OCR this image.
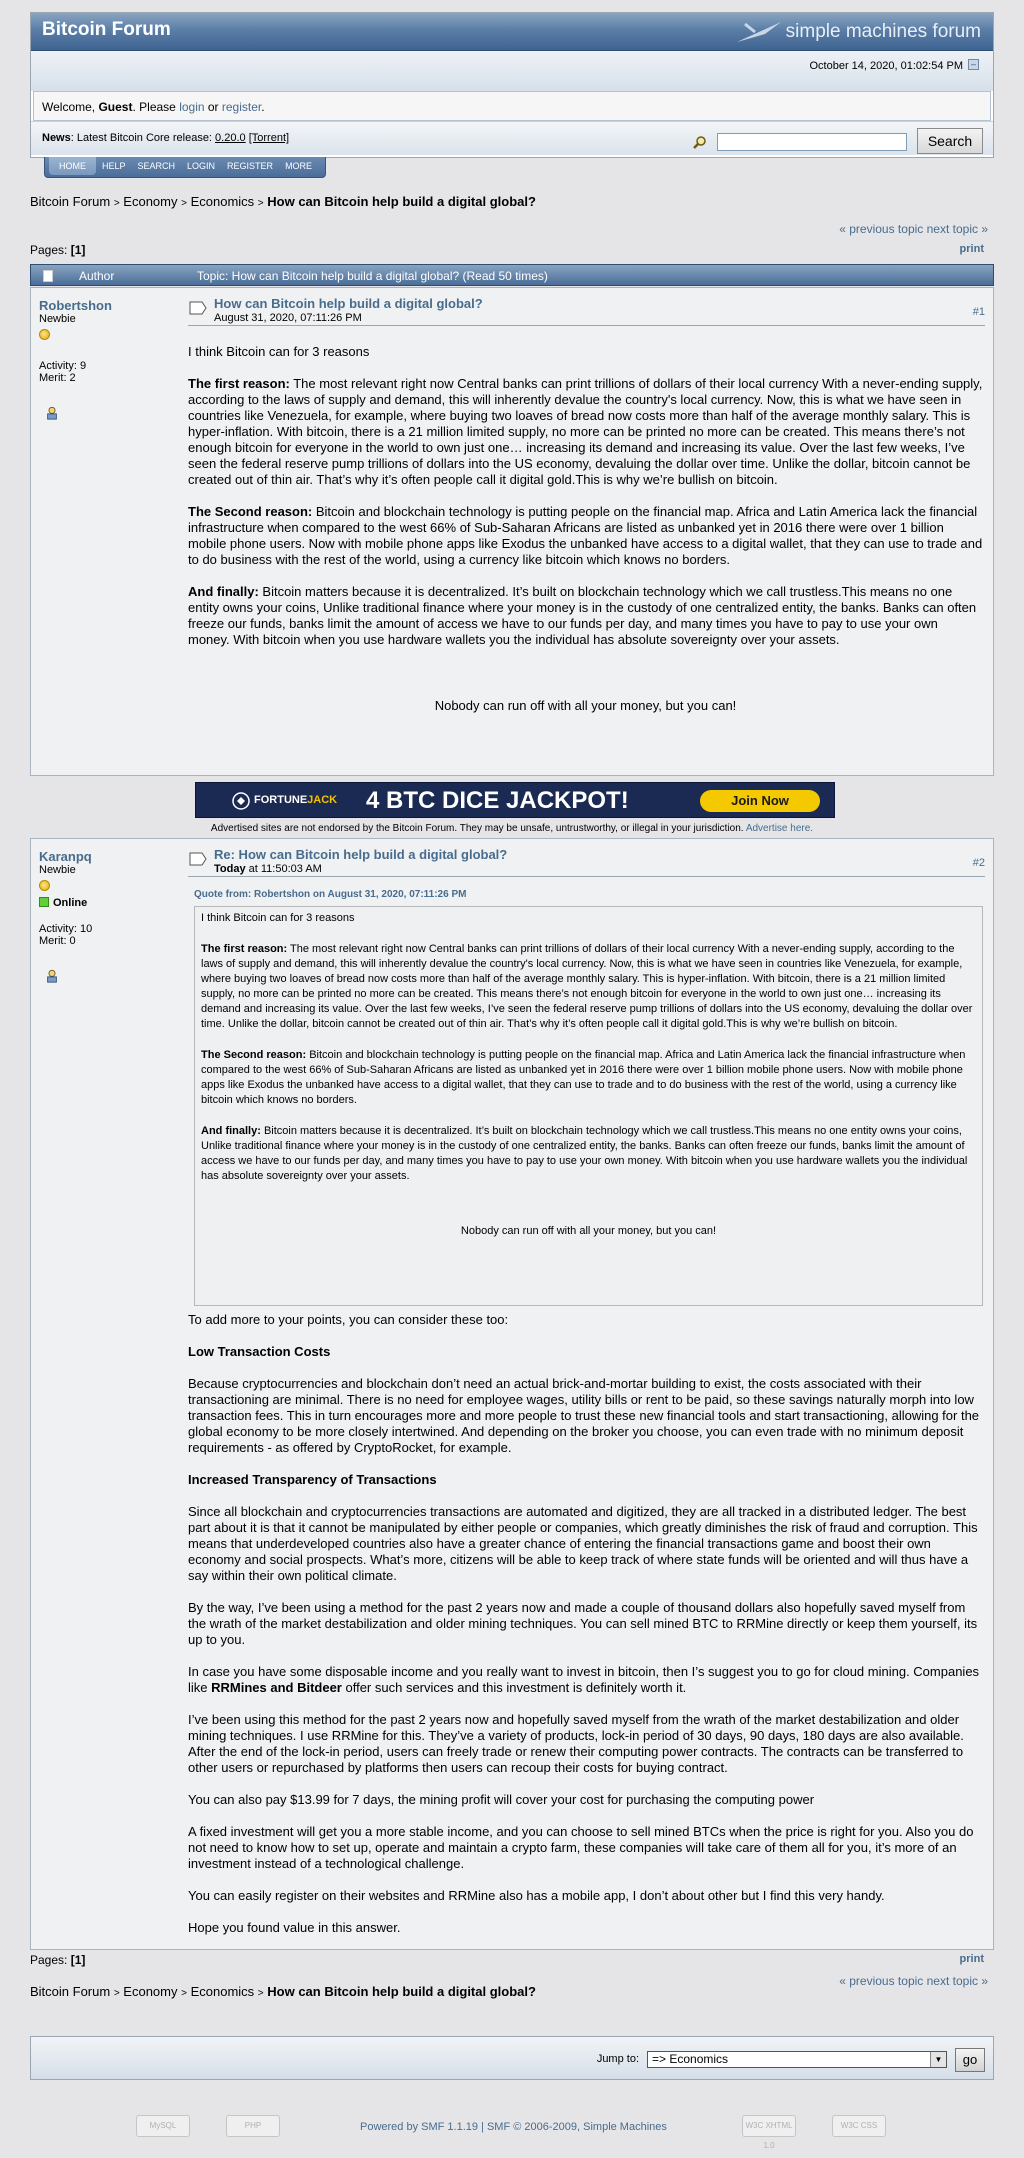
Bitcoin Forum	simple machines forum
October 14, 2020, 01:02:54 PM –
Welcome, Guest. Please login or register.
News: Latest Bitcoin Core release: 0.20.0 [Torrent]	Search
HOME	HELP	SEARCH	LOGIN	REGISTER	MORE
Bitcoin Forum > Economy > Economics > How can Bitcoin help build a digital global?
« previous topic next topic »
Pages: [1]	print
Author	Topic: How can Bitcoin help build a digital global? (Read 50 times)
Robertshon
Newbie
Activity: 9
Merit: 2
How can Bitcoin help build a digital global?
August 31, 2020, 07:11:26 PM	#1

I think Bitcoin can for 3 reasons

The first reason: The most relevant right now Central banks can print trillions of dollars of their local currency With a never-ending supply, according to the laws of supply and demand, this will inherently devalue the country's local currency. Now, this is what we have seen in countries like Venezuela, for example, where buying two loaves of bread now costs more than half of the average monthly salary. This is hyper-inflation. With bitcoin, there is a 21 million limited supply, no more can be printed no more can be created. This means there’s not enough bitcoin for everyone in the world to own just one… increasing its demand and increasing its value. Over the last few weeks, I’ve seen the federal reserve pump trillions of dollars into the US economy, devaluing the dollar over time. Unlike the dollar, bitcoin cannot be created out of thin air. That’s why it’s often people call it digital gold.This is why we’re bullish on bitcoin.

The Second reason: Bitcoin and blockchain technology is putting people on the financial map. Africa and Latin America lack the financial infrastructure when compared to the west 66% of Sub-Saharan Africans are listed as unbanked yet in 2016 there were over 1 billion mobile phone users. Now with mobile phone apps like Exodus the unbanked have access to a digital wallet, that they can use to trade and to do business with the rest of the world, using a currency like bitcoin which knows no borders.

And finally: Bitcoin matters because it is decentralized. It’s built on blockchain technology which we call trustless.This means no one entity owns your coins, Unlike traditional finance where your money is in the custody of one centralized entity, the banks. Banks can often freeze our funds, banks limit the amount of access we have to our funds per day, and many times you have to pay to use your own money. With bitcoin when you use hardware wallets you the individual has absolute sovereignty over your assets.

Nobody can run off with all your money, but you can!

FORTUNEJACK 4 BTC DICE JACKPOT!	Join Now
Advertised sites are not endorsed by the Bitcoin Forum. They may be unsafe, untrustworthy, or illegal in your jurisdiction. Advertise here.
Karanpq
Newbie
Online
Activity: 10
Merit: 0
Re: How can Bitcoin help build a digital global?
Today at 11:50:03 AM	#2
Quote from: Robertshon on August 31, 2020, 07:11:26 PM

I think Bitcoin can for 3 reasons

The first reason: The most relevant right now Central banks can print trillions of dollars of their local currency With a never-ending supply, according to the laws of supply and demand, this will inherently devalue the country's local currency. Now, this is what we have seen in countries like Venezuela, for example, where buying two loaves of bread now costs more than half of the average monthly salary. This is hyper-inflation. With bitcoin, there is a 21 million limited supply, no more can be printed no more can be created. This means there’s not enough bitcoin for everyone in the world to own just one… increasing its demand and increasing its value. Over the last few weeks, I’ve seen the federal reserve pump trillions of dollars into the US economy, devaluing the dollar over time. Unlike the dollar, bitcoin cannot be created out of thin air. That’s why it’s often people call it digital gold.This is why we’re bullish on bitcoin.

The Second reason: Bitcoin and blockchain technology is putting people on the financial map. Africa and Latin America lack the financial infrastructure when compared to the west 66% of Sub-Saharan Africans are listed as unbanked yet in 2016 there were over 1 billion mobile phone users. Now with mobile phone apps like Exodus the unbanked have access to a digital wallet, that they can use to trade and to do business with the rest of the world, using a currency like bitcoin which knows no borders.

And finally: Bitcoin matters because it is decentralized. It’s built on blockchain technology which we call trustless.This means no one entity owns your coins, Unlike traditional finance where your money is in the custody of one centralized entity, the banks. Banks can often freeze our funds, banks limit the amount of access we have to our funds per day, and many times you have to pay to use your own money. With bitcoin when you use hardware wallets you the individual has absolute sovereignty over your assets.

Nobody can run off with all your money, but you can!

To add more to your points, you can consider these too:

Low Transaction Costs

Because cryptocurrencies and blockchain don’t need an actual brick-and-mortar building to exist, the costs associated with their transactioning are minimal. There is no need for employee wages, utility bills or rent to be paid, so these savings naturally morph into low transaction fees. This in turn encourages more and more people to trust these new financial tools and start transactioning, allowing for the global economy to be more closely intertwined. And depending on the broker you choose, you can even trade with no minimum deposit requirements - as offered by CryptoRocket, for example.

Increased Transparency of Transactions

Since all blockchain and cryptocurrencies transactions are automated and digitized, they are all tracked in a distributed ledger. The best part about it is that it cannot be manipulated by either people or companies, which greatly diminishes the risk of fraud and corruption. This means that underdeveloped countries also have a greater chance of entering the financial transactions game and boost their own economy and social prospects. What’s more, citizens will be able to keep track of where state funds will be oriented and will thus have a say within their own political climate.

By the way, I’ve been using a method for the past 2 years now and made a couple of thousand dollars also hopefully saved myself from the wrath of the market destabilization and older mining techniques. You can sell mined BTC to RRMine directly or keep them yourself, its up to you.

In case you have some disposable income and you really want to invest in bitcoin, then I’s suggest you to go for cloud mining. Companies like RRMines and Bitdeer offer such services and this investment is definitely worth it.

I’ve been using this method for the past 2 years now and hopefully saved myself from the wrath of the market destabilization and older mining techniques. I use RRMine for this. They’ve a variety of products, lock-in period of 30 days, 90 days, 180 days are also available. After the end of the lock-in period, users can freely trade or renew their computing power contracts. The contracts can be transferred to other users or repurchased by platforms then users can recoup their costs for buying contract.

You can also pay $13.99 for 7 days, the mining profit will cover your cost for purchasing the computing power

A fixed investment will get you a more stable income, and you can choose to sell mined BTCs when the price is right for you. Also you do not need to know how to set up, operate and maintain a crypto farm, these companies will take care of them all for you, it’s more of an investment instead of a technological challenge.

You can easily register on their websites and RRMine also has a mobile app, I don’t about other but I find this very handy.

Hope you found value in this answer.

Pages: [1]	print
« previous topic next topic »
Bitcoin Forum > Economy > Economics > How can Bitcoin help build a digital global?
Jump to:	=> Economics	▼	go
MySQL	PHP	Powered by SMF 1.1.19 | SMF © 2006-2009, Simple Machines	W3C XHTML 1.0
W3C CSS
